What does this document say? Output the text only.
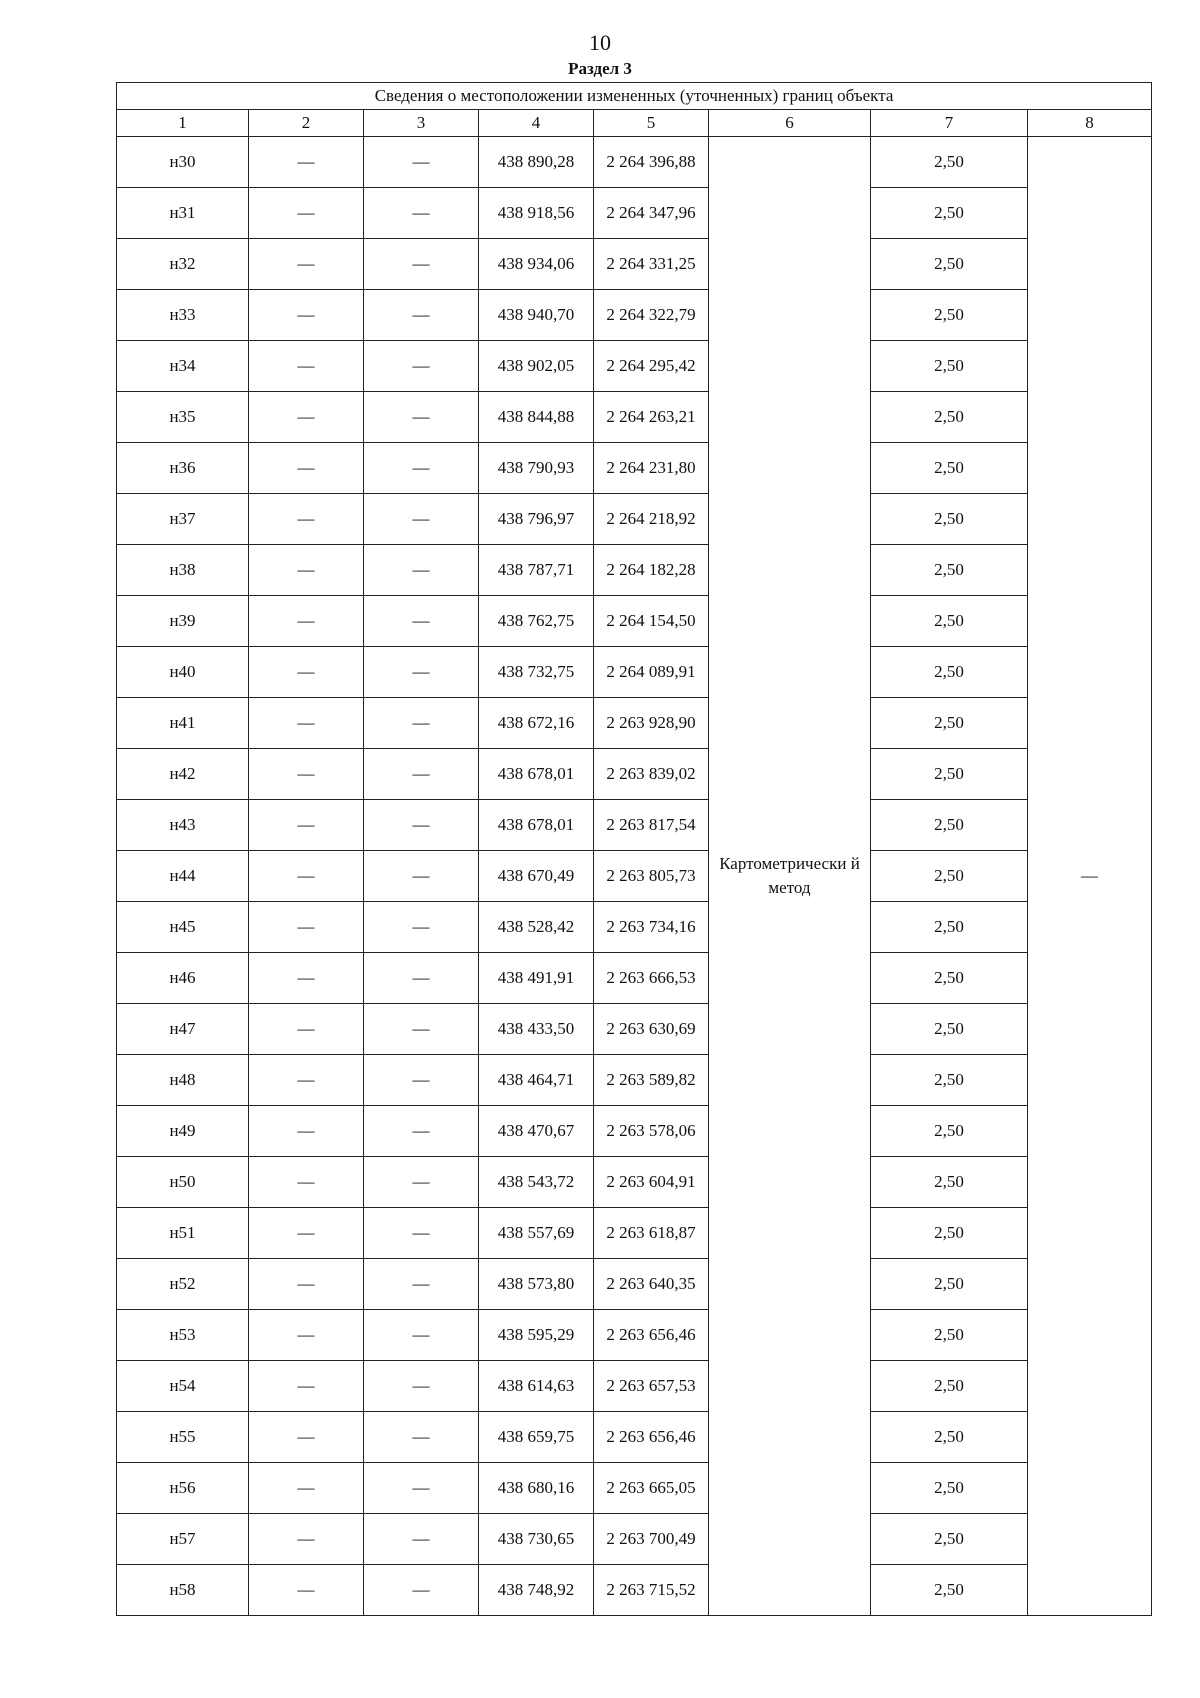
10
Раздел 3
Сведения о местоположении измененных (уточненных) границ объекта							
1	2	3	4	5	6	7	8
н30	—	—	438 890,28	2 264 396,88	Картометрически й метод	2,50	—
н31	—	—	438 918,56	2 264 347,96		2,50	
н32	—	—	438 934,06	2 264 331,25		2,50	
н33	—	—	438 940,70	2 264 322,79		2,50	
н34	—	—	438 902,05	2 264 295,42		2,50	
н35	—	—	438 844,88	2 264 263,21		2,50	
н36	—	—	438 790,93	2 264 231,80		2,50	
н37	—	—	438 796,97	2 264 218,92		2,50	
н38	—	—	438 787,71	2 264 182,28		2,50	
н39	—	—	438 762,75	2 264 154,50		2,50	
н40	—	—	438 732,75	2 264 089,91		2,50	
н41	—	—	438 672,16	2 263 928,90		2,50	
н42	—	—	438 678,01	2 263 839,02		2,50	
н43	—	—	438 678,01	2 263 817,54		2,50	
н44	—	—	438 670,49	2 263 805,73		2,50	
н45	—	—	438 528,42	2 263 734,16		2,50	
н46	—	—	438 491,91	2 263 666,53		2,50	
н47	—	—	438 433,50	2 263 630,69		2,50	
н48	—	—	438 464,71	2 263 589,82		2,50	
н49	—	—	438 470,67	2 263 578,06		2,50	
н50	—	—	438 543,72	2 263 604,91		2,50	
н51	—	—	438 557,69	2 263 618,87		2,50	
н52	—	—	438 573,80	2 263 640,35		2,50	
н53	—	—	438 595,29	2 263 656,46		2,50	
н54	—	—	438 614,63	2 263 657,53		2,50	
н55	—	—	438 659,75	2 263 656,46		2,50	
н56	—	—	438 680,16	2 263 665,05		2,50	
н57	—	—	438 730,65	2 263 700,49		2,50	
н58	—	—	438 748,92	2 263 715,52		2,50	
